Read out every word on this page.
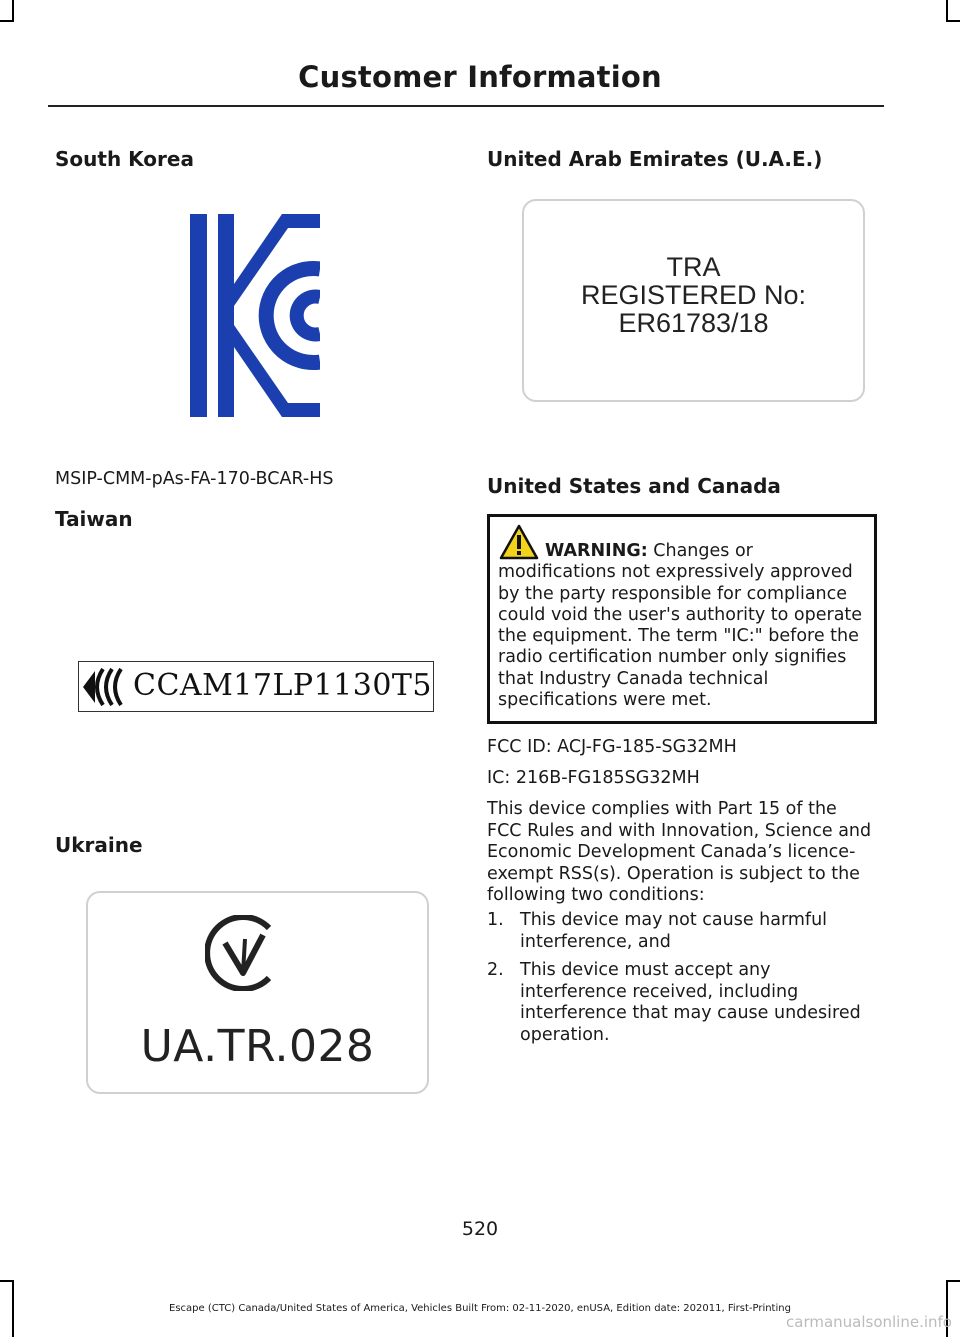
Customer Information
South Korea
MSIP-CMM-pAs-FA-170-BCAR-HS
Taiwan
CCAM17LP1130T5
Ukraine
UA.TR.028
United Arab Emirates (U.A.E.)
TRA
REGISTERED No:
ER61783/18
United States and Canada
WARNING: Changes or modifications not expressively approved by the party responsible for compliance could void the user's authority to operate the equipment. The term "IC:" before the radio certification number only signifies that Industry Canada technical specifications were met.
FCC ID: ACJ-FG-185-SG32MH
IC: 216B-FG185SG32MH
This device complies with Part 15 of the FCC Rules and with Innovation, Science and Economic Development Canada’s licence-exempt RSS(s). Operation is subject to the following two conditions:
1. This device may not cause harmful interference, and
2. This device must accept any interference received, including interference that may cause undesired operation.
520
Escape (CTC) Canada/United States of America, Vehicles Built From: 02-11-2020, enUSA, Edition date: 202011, First-Printing
carmanualsonline.info
